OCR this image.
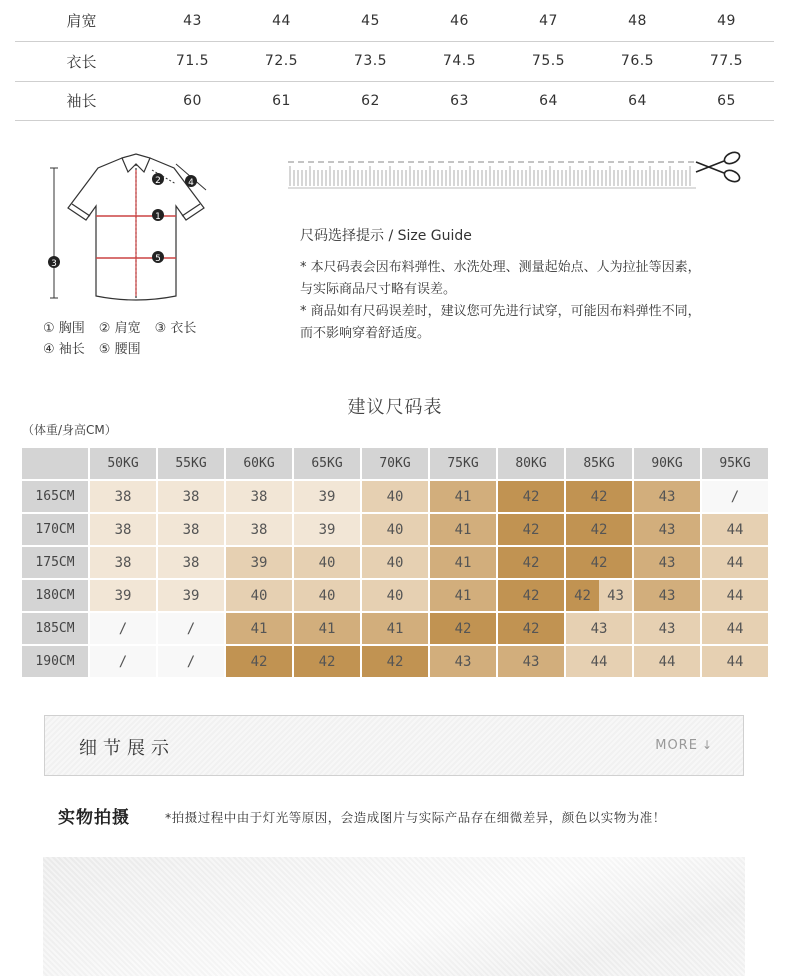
肩宽	43	44	45	46	47	48	49
衣长	71.5	72.5	73.5	74.5	75.5	76.5	77.5
袖长	60	61	62	63	64	64	65
1
2
3
4
5
① 胸围 ② 肩宽 ③ 衣长
④ 袖长 ⑤ 腰围
尺码选择提示 / Size Guide
* 本尺码表会因布料弹性、水洗处理、测量起始点、人为拉扯等因素，
与实际商品尺寸略有误差。
* 商品如有尺码误差时，建议您可先进行试穿，可能因布料弹性不同，
而不影响穿着舒适度。
建议尺码表
（体重/身高CM）
	50KG	55KG	60KG	65KG	70KG	75KG	80KG	85KG	90KG	95KG
165CM	38	38	38	39	40	41	42	42	43	/
170CM	38	38	38	39	40	41	42	42	43	44
175CM	38	38	39	40	40	41	42	42	43	44
180CM	39	39	40	40	40	41	42	42 43	43	44
185CM	/	/	41	41	41	42	42	43	43	44
190CM	/	/	42	42	42	43	43	44	44	44
细节展示	MORE ↓
实物拍摄	*拍摄过程中由于灯光等原因，会造成图片与实际产品存在细微差异，颜色以实物为准！
